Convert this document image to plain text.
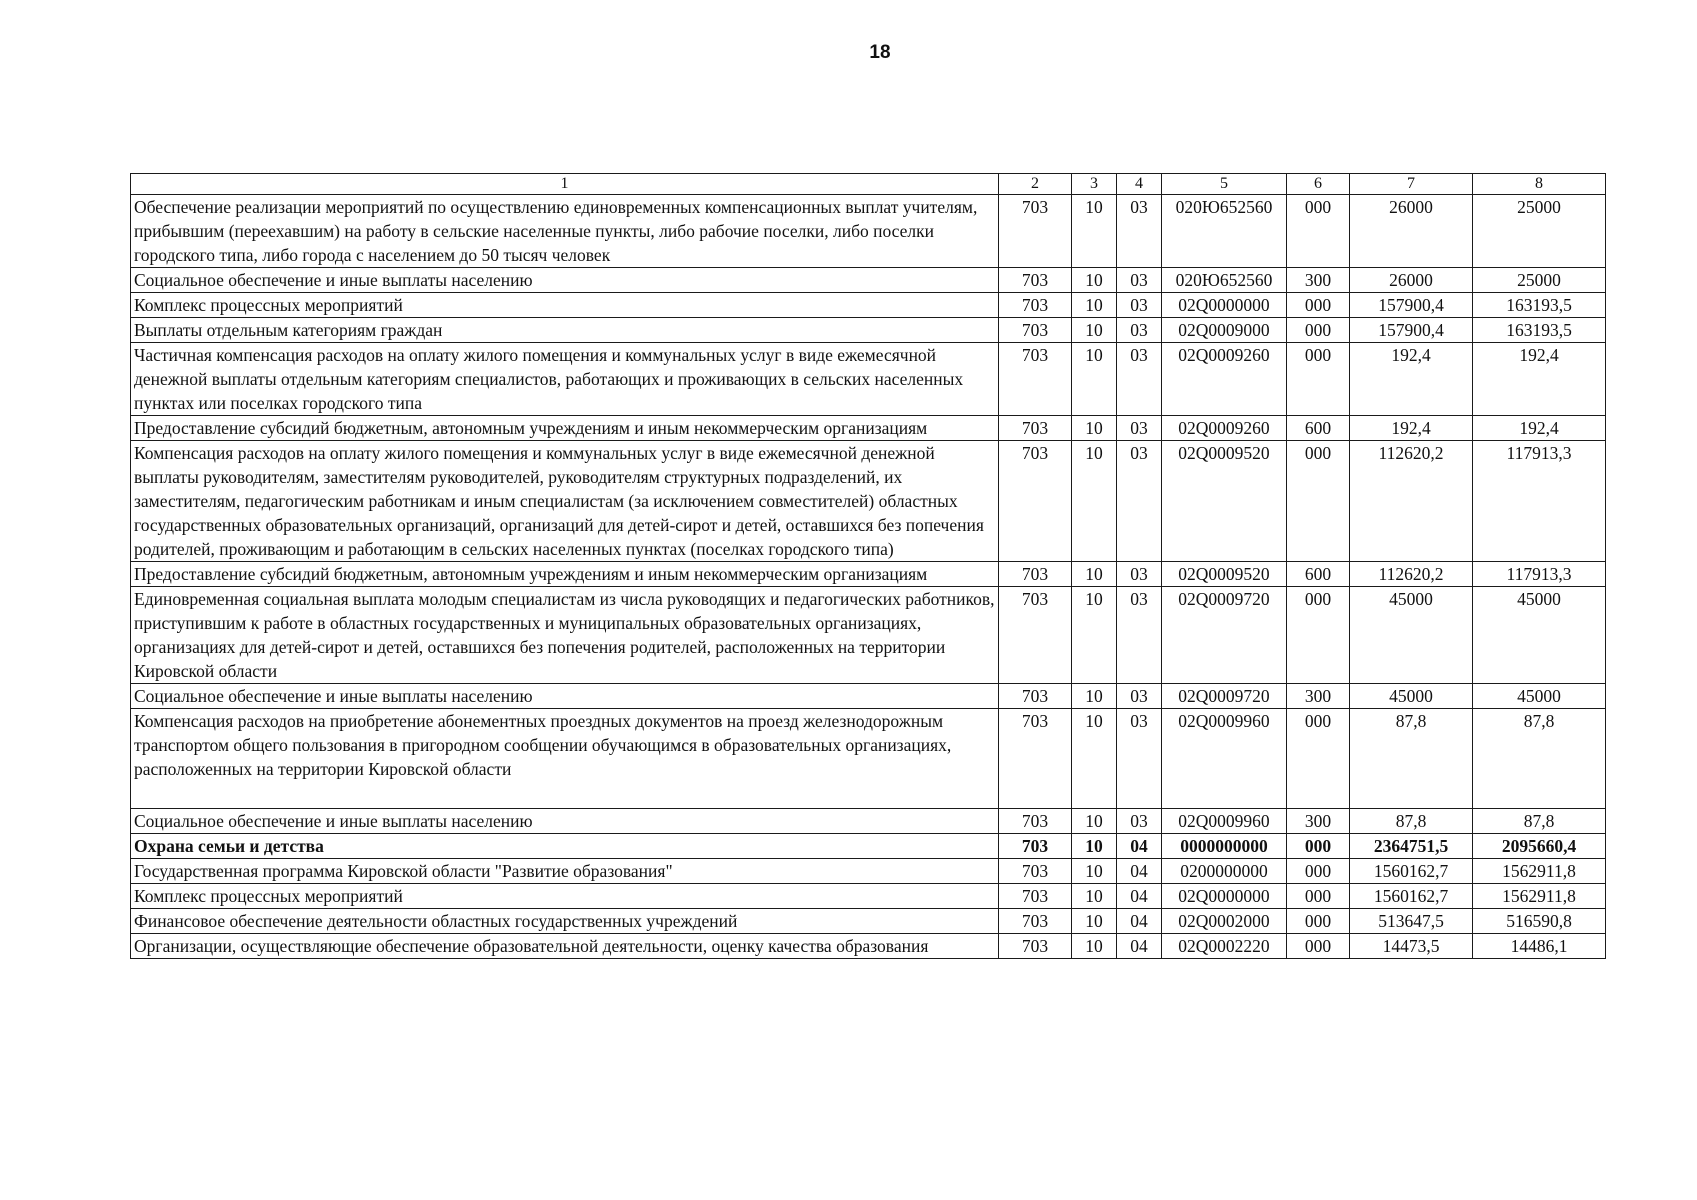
18
1	2	3	4	5	6	7	8
Обеспечение реализации мероприятий по осуществлению единовременных компенсационных выплат учителям, прибывшим (переехавшим) на работу в сельские населенные пункты, либо рабочие поселки, либо поселки городского типа, либо города с населением до 50 тысяч человек	703	10	03	020Ю652560	000	26000	25000
Социальное обеспечение и иные выплаты населению	703	10	03	020Ю652560	300	26000	25000
Комплекс процессных мероприятий	703	10	03	02Q0000000	000	157900,4	163193,5
Выплаты отдельным категориям граждан	703	10	03	02Q0009000	000	157900,4	163193,5
Частичная компенсация расходов на оплату жилого помещения и коммунальных услуг в виде ежемесячной денежной выплаты отдельным категориям специалистов, работающих и проживающих в сельских населенных пунктах или поселках городского типа	703	10	03	02Q0009260	000	192,4	192,4
Предоставление субсидий бюджетным, автономным учреждениям и иным некоммерческим организациям	703	10	03	02Q0009260	600	192,4	192,4
Компенсация расходов на оплату жилого помещения и коммунальных услуг в виде ежемесячной денежной выплаты руководителям, заместителям руководителей, руководителям структурных подразделений, их заместителям, педагогическим работникам и иным специалистам (за исключением совместителей) областных государственных образовательных организаций, организаций для детей-сирот и детей, оставшихся без попечения родителей, проживающим и работающим в сельских населенных пунктах (поселках городского типа)	703	10	03	02Q0009520	000	112620,2	117913,3
Предоставление субсидий бюджетным, автономным учреждениям и иным некоммерческим организациям	703	10	03	02Q0009520	600	112620,2	117913,3
Единовременная социальная выплата молодым специалистам из числа руководящих и педагогических работников, приступившим к работе в областных государственных и муниципальных образовательных организациях, организациях для детей-сирот и детей, оставшихся без попечения родителей, расположенных на территории Кировской области	703	10	03	02Q0009720	000	45000	45000
Социальное обеспечение и иные выплаты населению	703	10	03	02Q0009720	300	45000	45000
Компенсация расходов на приобретение абонементных проездных документов на проезд железнодорожным транспортом общего пользования в пригородном сообщении обучающимся в образовательных организациях, расположенных на территории Кировской области	703	10	03	02Q0009960	000	87,8	87,8
Социальное обеспечение и иные выплаты населению	703	10	03	02Q0009960	300	87,8	87,8
Охрана семьи и детства	703	10	04	0000000000	000	2364751,5	2095660,4
Государственная программа Кировской области "Развитие образования"	703	10	04	0200000000	000	1560162,7	1562911,8
Комплекс процессных мероприятий	703	10	04	02Q0000000	000	1560162,7	1562911,8
Финансовое обеспечение деятельности областных государственных учреждений	703	10	04	02Q0002000	000	513647,5	516590,8
Организации, осуществляющие обеспечение образовательной деятельности, оценку качества образования	703	10	04	02Q0002220	000	14473,5	14486,1
